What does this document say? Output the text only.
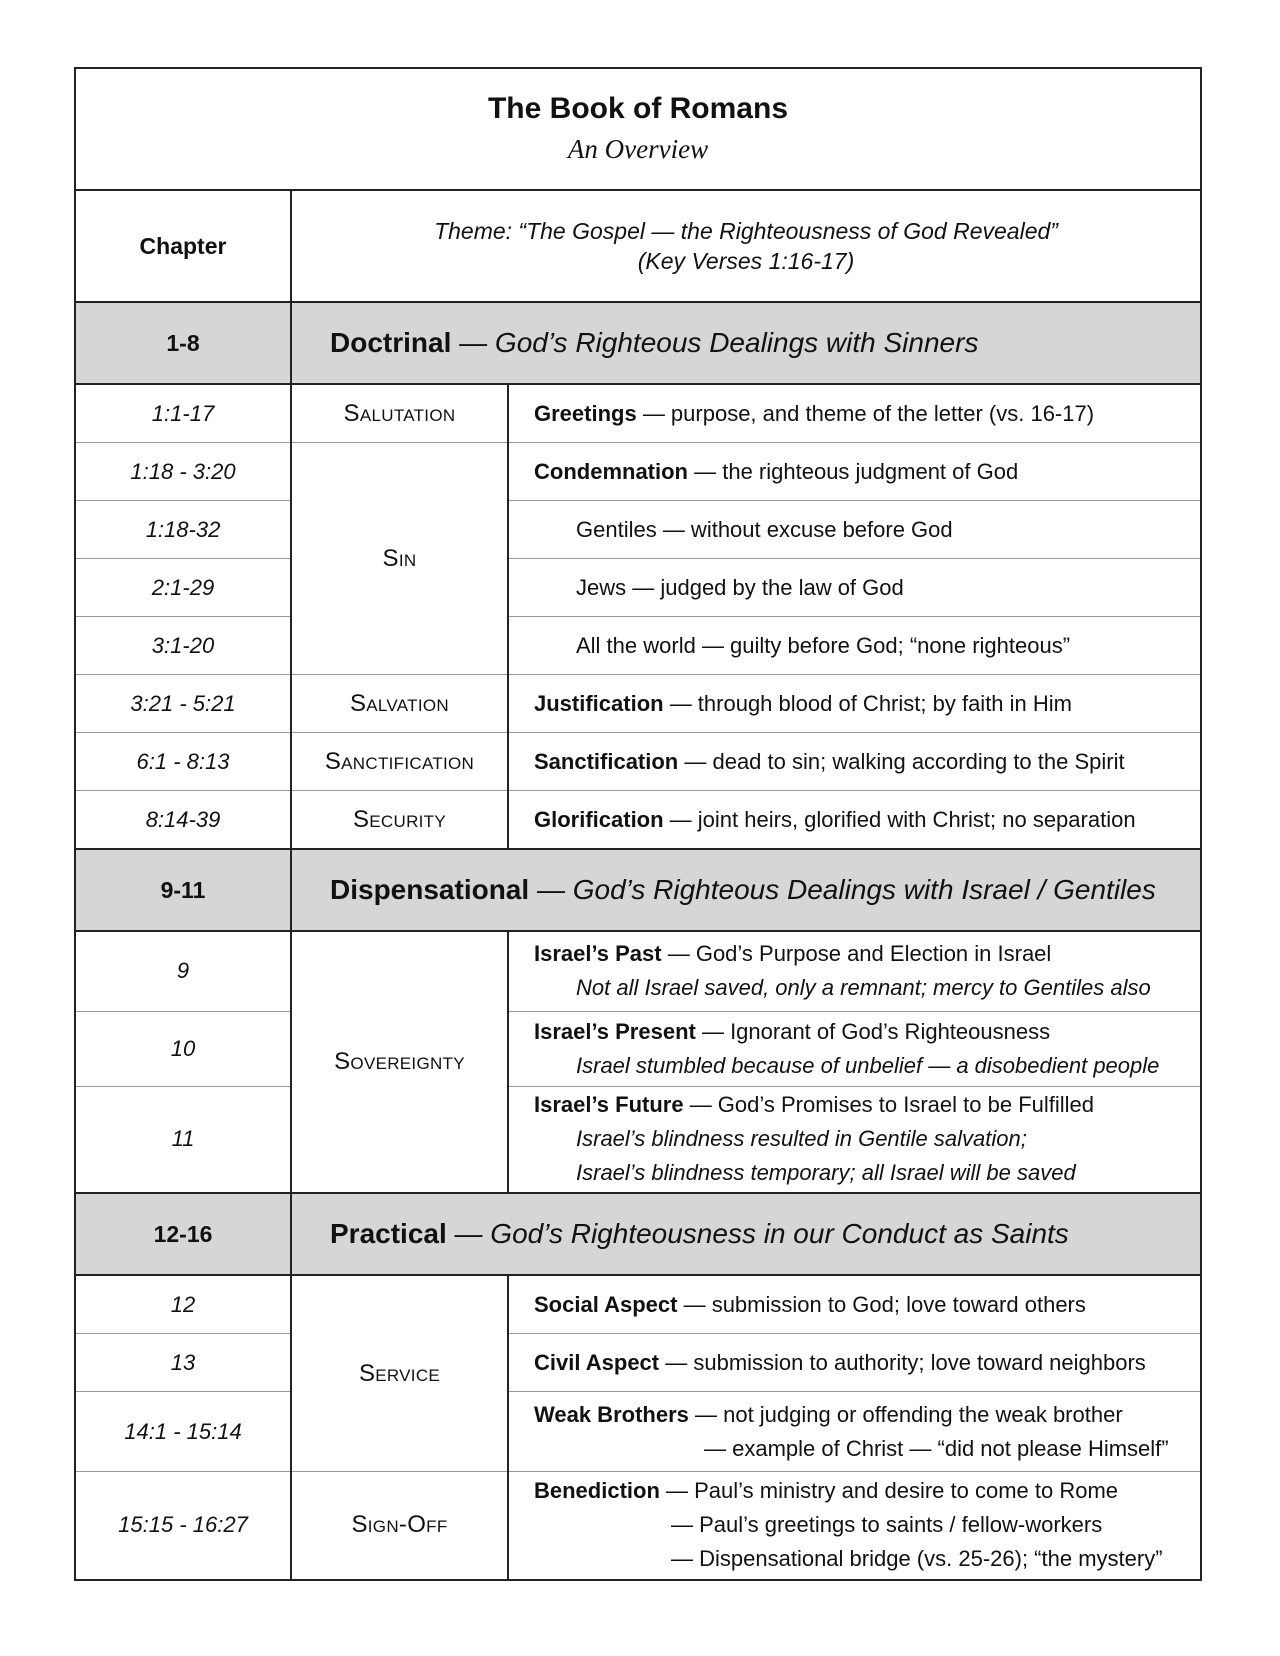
The Book of Romans
An Overview		

Chapter	Theme: “The Gospel — the Righteousness of God Revealed”
(Key Verses 1:16-17)	

1-8	Doctrinal — God’s Righteous Dealings with Sinners	
1:1-17	Salutation	Greetings — purpose, and theme of the letter (vs. 16-17)
1:18 - 3:20	Sin	Condemnation — the righteous judgment of God
1:18-32		Gentiles — without excuse before God

2:1-29		Jews — judged by the law of God

3:1-20		All the world — guilty before God; “none righteous”

3:21 - 5:21	Salvation	Justification — through blood of Christ; by faith in Him
6:1 - 8:13	Sanctification	Sanctification — dead to sin; walking according to the Spirit
8:14-39	Security	Glorification — joint heirs, glorified with Christ; no separation
9-11	Dispensational — God’s Righteous Dealings with Israel / Gentiles	
9	Sovereignty	Israel’s Past — God’s Purpose and Election in Israel
Not all Israel saved, only a remnant; mercy to Gentiles also

10		Israel’s Present — Ignorant of God’s Righteousness
Israel stumbled because of unbelief — a disobedient people

11		Israel’s Future — God’s Promises to Israel to be Fulfilled
Israel’s blindness resulted in Gentile salvation;
Israel’s blindness temporary; all Israel will be saved

12-16	Practical — God’s Righteousness in our Conduct as Saints	
12	Service	Social Aspect — submission to God; love toward others
13		Civil Aspect — submission to authority; love toward neighbors
14:1 - 15:14		Weak Brothers — not judging or offending the weak brother
— example of Christ — “did not please Himself”

15:15 - 16:27	Sign-Off	Benediction — Paul’s ministry and desire to come to Rome
— Paul’s greetings to saints / fellow-workers
— Dispensational bridge (vs. 25-26); “the mystery”
